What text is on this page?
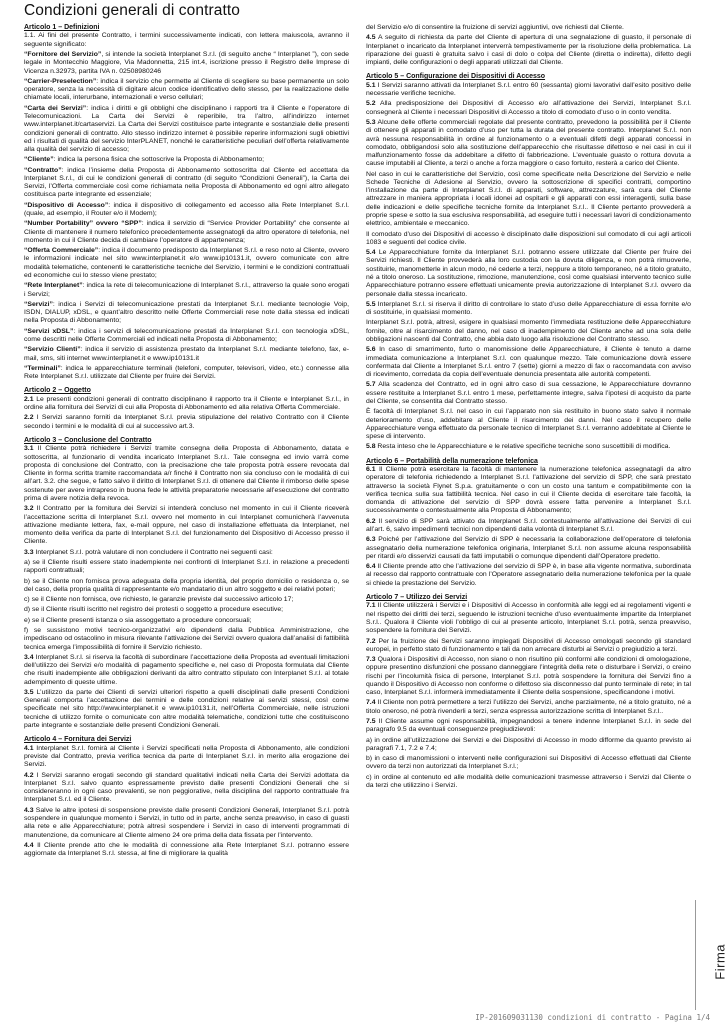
Condizioni generali di contratto
Articolo 1 – Definizioni

1.1. Ai fini del presente Contratto, i termini successivamente indicati, con lettera maiuscola, avranno il seguente significato:

“Fornitore del Servizio”, si intende la società Interplanet S.r.l. (di seguito anche “ Interplanet ”), con sede legale in Montecchio Maggiore, Via Madonnetta, 215 int.4, iscrizione presso il Registro delle Imprese di Vicenza n.32973, partita IVA n. 02508980246

“Carrier-Preselection”: indica il servizio che permette al Cliente di scegliere su base permanente un solo operatore, senza la necessità di digitare alcun codice identificativo dello stesso, per la realizzazione delle chiamate locali, interurbane, internazionali e verso cellulari;

“Carta dei Servizi”: indica i diritti e gli obblighi che disciplinano i rapporti tra il Cliente e l’operatore di Telecomunicazioni. La Carta dei Servizi è reperibile, tra l’altro, all’indirizzo internet www.interplanet.it/cartaservizi. La Carta dei Servizi costituisce parte integrante e sostanziale delle presenti condizioni generali di contratto. Allo stesso indirizzo internet è possibile reperire informazioni sugli obiettivi ed i risultati di qualità del servizio InterPLANET, nonché le caratteristiche peculiari dell’offerta relativamente alla qualità del servizio di accesso;

“Cliente”: indica la persona fisica che sottoscrive la Proposta di Abbonamento;

“Contratto”: indica l’insieme della Proposta di Abbonamento sottoscritta dal Cliente ed accettata da Interplanet S.r.l., di cui le condizioni generali di contratto (di seguito “Condizioni Generali”), la Carta dei Servizi, l’Offerta commerciale così come richiamata nella Proposta di Abbonamento ed ogni altro allegato costituisca parte integrante ed essenziale;

“Dispositivo di Accesso”: indica il dispositivo di collegamento ed accesso alla Rete Interplanet S.r.l. (quale, ad esempio, il Router e/o il Modem);

“Number Portability” ovvero “SPP”: indica il servizio di “Service Provider Portability” che consente al Cliente di mantenere il numero telefonico precedentemente assegnatogli da altro operatore di telefonia, nel momento in cui il Cliente decida di cambiare l’operatore di appartenenza;

“Offerta Commerciale”: indica il documento predisposto da Interplanet S.r.l. e reso noto al Cliente, ovvero le informazioni indicate nel sito www.interplanet.it e/o www.ip10131.it, ovvero comunicate con altre modalità telematiche, contenenti le caratteristiche tecniche del Servizio, i termini e le condizioni contrattuali ed economiche cui lo stesso viene prestato;

“Rete Interplanet”: indica la rete di telecomunicazione di Interplanet S.r.l., attraverso la quale sono erogati i Servizi;

“Servizi”: indica i Servizi di telecomunicazione prestati da Interplanet S.r.l. mediante tecnologie Voip, ISDN, DIALUP, xDSL, e quant’altro descritto nelle Offerte Commerciali rese note dalla stessa ed indicati nella Proposta di Abbonamento;

“Servizi xDSL”: indica i servizi di telecomunicazione prestati da Interplanet S.r.l. con tecnologia xDSL, come descritti nelle Offerte Commerciali ed indicati nella Proposta di Abbonamento;

“Servizio Clienti”: indica il servizio di assistenza prestato da Interplanet S.r.l. mediante telefono, fax, e-mail, sms, siti internet www.interplanet.it e www.ip10131.it

“Terminali”: indica le apparecchiature terminali (telefoni, computer, televisori, video, etc.) connesse alla Rete Interplanet S.r.l. utilizzate dal Cliente per fruire dei Servizi.

Articolo 2 – Oggetto

2.1 Le presenti condizioni generali di contratto disciplinano il rapporto tra il Cliente e Interplanet S.r.l., in ordine alla fornitura dei Servizi di cui alla Proposta di Abbonamento ed alla relativa Offerta Commerciale.

2.2 I Servizi saranno forniti da Interplanet S.r.l. previa stipulazione del relativo Contratto con il Cliente secondo i termini e le modalità di cui al successivo art.3.

Articolo 3 – Conclusione del Contratto

3.1 Il Cliente potrà richiedere i Servizi tramite consegna della Proposta di Abbonamento, datata e sottoscritta, al funzionario di vendita incaricato Interplanet S.r.l.. Tale consegna ed invio varrà come proposta di conclusione del Contratto, con la precisazione che tale proposta potrà essere revocata dal Cliente in forma scritta tramite raccomandata a/r finché il Contratto non sia concluso con le modalità di cui all’art. 3.2. che segue, e fatto salvo il diritto di Interplanet S.r.l. di ottenere dal Cliente il rimborso delle spese sostenute per avere intrapreso in buona fede le attività preparatorie necessarie all’esecuzione del contratto prima di avere notizia della revoca.

3.2 Il Contratto per la fornitura dei Servizi si intenderà concluso nel momento in cui il Cliente riceverà l’accettazione scritta di Interplanet S.r.l. ovvero nel momento in cui Interplanet comunicherà l’avvenuta attivazione mediante lettera, fax, e-mail oppure, nel caso di installazione effettuata da Interplanet, nel momento della verifica da parte di Interplanet S.r.l. del funzionamento del Dispositivo di Accesso presso il Cliente.

3.3 Interplanet S.r.l. potrà valutare di non concludere il Contratto nei seguenti casi:

a) se il Cliente risulti essere stato inadempiente nei confronti di Interplanet S.r.l. in relazione a precedenti rapporti contrattuali;

b) se il Cliente non fornisca prova adeguata della propria identità, del proprio domicilio o residenza o, se del caso, della propria qualità di rappresentante e/o mandatario di un altro soggetto e dei relativi poteri;

c) se il Cliente non fornisca, ove richiesto, le garanzie previste dal successivo articolo 17;

d) se il Cliente risulti iscritto nel registro dei protesti o soggetto a procedure esecutive;

e) se il Cliente presenti istanza o sia assoggettato a procedure concorsuali;

f) se sussistono motivi tecnico-organizzativi e/o dipendenti dalla Pubblica Amministrazione, che impediscano od ostacolino in misura rilevante l’attivazione dei Servizi ovvero qualora dall’analisi di fattibilità tecnica emerga l’impossibilità di fornire il Servizio richiesto.

3.4 Interplanet S.r.l. si riserva la facoltà di subordinare l’accettazione della Proposta ad eventuali limitazioni dell’utilizzo dei Servizi e/o modalità di pagamento specifiche e, nel caso di Proposta formulata dal Cliente che risulti inadempiente alle obbligazioni derivanti da altro contratto stipulato con Interplanet S.r.l. al totale adempimento di queste ultime.

3.5 L’utilizzo da parte dei Clienti di servizi ulteriori rispetto a quelli disciplinati dalle presenti Condizioni Generali comporta l’accettazione dei termini e delle condizioni relative ai servizi stessi, così come specificate nel sito http://www.interplanet.it e www.ip10131.it, nell’Offerta Commerciale, nelle istruzioni tecniche di utilizzo fornite o comunicate con altre modalità telematiche, condizioni tutte che costituiscono parte integrante e sostanziale delle presenti Condizioni Generali.

Articolo 4 – Fornitura dei Servizi

4.1 Interplanet S.r.l. fornirà al Cliente i Servizi specificati nella Proposta di Abbonamento, alle condizioni previste dal Contratto, previa verifica tecnica da parte di Interplanet S.r.l. in merito alla erogazione dei Servizi.

4.2 I Servizi saranno erogati secondo gli standard qualitativi indicati nella Carta dei Servizi adottata da Interplanet S.r.l. salvo quanto espressamente previsto dalle presenti Condizioni Generali che si considereranno in ogni caso prevalenti, se non peggiorative, nella disciplina del rapporto contrattuale fra Interplanet S.r.l. ed il Cliente.

4.3 Salve le altre ipotesi di sospensione previste dalle presenti Condizioni Generali, Interplanet S.r.l. potrà sospendere in qualunque momento i Servizi, in tutto od in parte, anche senza preavviso, in caso di guasti alla rete e alle Apparecchiature; potrà altresì sospendere i Servizi in caso di interventi programmati di manutenzione, da comunicare al Cliente almeno 24 ore prima della data fissata per l’intervento.

4.4 Il Cliente prende atto che le modalità di connessione alla Rete Interplanet S.r.l. potranno essere aggiornate da Interplanet S.r.l. stessa, al fine di migliorare la qualità

del Servizio e/o di consentire la fruizione di servizi aggiuntivi, ove richiesti dal Cliente.

4.5 A seguito di richiesta da parte del Cliente di apertura di una segnalazione di guasto, il personale di Interplanet o incaricato da Interplanet interverrà tempestivamente per la risoluzione della problematica. La riparazione dei guasti è gratuita salvo i casi di dolo o colpa del Cliente (diretta o indiretta), difetto degli impianti, delle configurazioni o degli apparati utilizzati dal Cliente.

Articolo 5 – Configurazione dei Dispositivi di Accesso

5.1 I Servizi saranno attivati da Interplanet S.r.l. entro 60 (sessanta) giorni lavorativi dall’esito positivo delle necessarie verifiche tecniche.

5.2 Alla predisposizione dei Dispositivi di Accesso e/o all’attivazione dei Servizi, Interplanet S.r.l. consegnerà al Cliente i necessari Dispositivi di Accesso a titolo di comodato d’uso o in conto vendita.

5.3 Alcune delle offerte commerciali regolate dal presente contratto, prevedono la possibilità per il Cliente di ottenere gli apparati in comodato d’uso per tutta la durata del presente contratto. Interplanet S.r.l. non avrà nessuna responsabilità in ordine al funzionamento o a eventuali difetti degli apparati concessi in comodato, obbligandosi solo alla sostituzione dell’apparecchio che risultasse difettoso e nei casi in cui il malfunzionamento fosse da addebitare a difetto di fabbricazione. L’eventuale guasto o rottura dovuta a cause imputabili al Cliente, a terzi o anche a forza maggiore o caso fortuito, resterà a carico del Cliente.

Nel caso in cui le caratteristiche del Servizio, così come specificate nella Descrizione del Servizio e nelle Schede Tecniche di Adesione al Servizio, ovvero la sottoscrizione di specifici contratti, comportino l’installazione da parte di Interplanet S.r.l. di apparati, software, attrezzature, sarà cura del Cliente attrezzare in maniera appropriata i locali idonei ad ospitarli e gli apparati con essi interagenti, sulla base delle indicazioni e delle specifiche tecniche fornite da Interplanet S.r.l.. Il Cliente pertanto provvederà a proprie spese e sotto la sua esclusiva responsabilità, ad eseguire tutti i necessari lavori di condizionamento elettrico, ambientale e meccanico.

Il comodato d’uso dei Dispositivi di accesso è disciplinato dalle disposizioni sul comodato di cui agli articoli 1083 e seguenti del codice civile.

5.4 Le Apparecchiature fornite da Interplanet S.r.l. potranno essere utilizzate dal Cliente per fruire dei Servizi richiesti. Il Cliente provvederà alla loro custodia con la dovuta diligenza, e non potrà rimuoverle, sostituirle, manometterle in alcun modo, né cederle a terzi, neppure a titolo temporaneo, né a titolo gratuito, né a titolo oneroso. La sostituzione, rimozione, manutenzione, così come qualsiasi intervento tecnico sulle Apparecchiature potranno essere effettuati unicamente previa autorizzazione di Interplanet S.r.l. ovvero da personale dalla stessa incaricato.

5.5 Interplanet S.r.l. si riserva il diritto di controllare lo stato d’uso delle Apparecchiature di essa fornite e/o di sostituirle, in qualsiasi momento.

Interplanet S.r.l. potrà, altresì, esigere in qualsiasi momento l’immediata restituzione delle Apparecchiature fornite, oltre al risarcimento del danno, nel caso di inadempimento del Cliente anche ad una sola delle obbligazioni nascenti dal Contratto, che abbia dato luogo alla risoluzione del Contratto stesso.

5.6 In caso di smarrimento, furto o manomissione delle Apparecchiature, il Cliente è tenuto a darne immediata comunicazione a Interplanet S.r.l. con qualunque mezzo. Tale comunicazione dovrà essere confermata dal Cliente a Interplanet S.r.l. entro 7 (sette) giorni a mezzo di fax o raccomandata con avviso di ricevimento, corredata da copia dell’eventuale denuncia presentata alle autorità competenti.

5.7 Alla scadenza del Contratto, ed in ogni altro caso di sua cessazione, le Apparecchiature dovranno essere restituite a Interplanet S.r.l. entro 1 mese, perfettamente integre, salva l’ipotesi di acquisto da parte del Cliente, se consentita dal Contratto stesso.

È facoltà di Interplanet S.r.l. nel caso in cui l’apparato non sia restituito in buono stato salvo il normale deterioramento d’uso, addebitare al Cliente il risarcimento dei danni. Nel caso il recupero delle Apparecchiature venga effettuato da personale tecnico di Interplanet S.r.l. verranno addebitate al Cliente le spese di intervento.

5.8 Resta inteso che le Apparecchiature e le relative specifiche tecniche sono suscettibili di modifica.

Articolo 6 – Portabilità della numerazione telefonica

6.1 Il Cliente potrà esercitare la facoltà di mantenere la numerazione telefonica assegnatagli da altro operatore di telefonia richiedendo a Interplanet S.r.l. l’attivazione del servizio di SPP, che sarà prestato attraverso la società Flynet S.p.a. gratuitamente o con un costo una tantum e compatibilmente con la verifica tecnica sulla sua fattibilità tecnica. Nel caso in cui il Cliente decida di esercitare tale facoltà, la domanda di attivazione del servizio di SPP dovrà essere fatta pervenire a Interplanet S.r.l. successivamente o contestualmente alla Proposta di Abbonamento;

6.2 Il servizio di SPP sarà attivato da Interplanet S.r.l. contestualmente all’attivazione dei Servizi di cui all’art. 6, salvo impedimenti tecnici non dipendenti dalla volontà di Interplanet S.r.l.

6.3 Poiché per l’attivazione del Servizio di SPP è necessaria la collaborazione dell’operatore di telefonia assegnatario della numerazione telefonica originaria, Interplanet S.r.l. non assume alcuna responsabilità per ritardi e/o disservizi causati da fatti imputabili o comunque dipendenti dall’Operatore predetto.

6.4 Il Cliente prende atto che l’attivazione del servizio di SPP è, in base alla vigente normativa, subordinata al recesso dal rapporto contrattuale con l’Operatore assegnatario della numerazione telefonica per la quale si chiede la prestazione del Servizio.

Articolo 7 – Utilizzo dei Servizi

7.1 Il Cliente utilizzerà i Servizi e i Dispositivi di Accesso in conformità alle leggi ed ai regolamenti vigenti e nel rispetto dei diritti dei terzi, seguendo le istruzioni tecniche d’uso eventualmente impartite da Interplanet S.r.l.. Qualora il Cliente violi l’obbligo di cui al presente articolo, Interplanet S.r.l. potrà, senza preavviso, sospendere la fornitura dei Servizi.

7.2 Per la fruizione dei Servizi saranno impiegati Dispositivi di Accesso omologati secondo gli standard europei, in perfetto stato di funzionamento e tali da non arrecare disturbi ai Servizi o pregiudizio a terzi.

7.3 Qualora i Dispositivi di Accesso, non siano o non risultino più conformi alle condizioni di omologazione, oppure presentino disfunzioni che possano danneggiare l’integrità della rete o disturbare i Servizi, o creino rischi per l’incolumità fisica di persone, Interplanet S.r.l. potrà sospendere la fornitura dei Servizi fino a quando il Dispositivo di Accesso non conforme o difettoso sia disconnesso dal punto terminale di rete; in tal caso, Interplanet S.r.l. informerà immediatamente il Cliente della sospensione, specificandone i motivi.

7.4 Il Cliente non potrà permettere a terzi l’utilizzo dei Servizi, anche parzialmente, né a titolo gratuito, né a titolo oneroso, né potrà rivenderli a terzi, senza espressa autorizzazione scritta di Interplanet S.r.l..

7.5 Il Cliente assume ogni responsabilità, impegnandosi a tenere indenne Interplanet S.r.l. in sede del paragrafo 9.5 da eventuali conseguenze pregiudizievoli:

a) in ordine all’utilizzazione dei Servizi e dei Dispositivi di Accesso in modo difforme da quanto previsto ai paragrafi 7.1, 7.2 e 7.4;

b) in caso di manomissioni o interventi nelle configurazioni sui Dispositivi di Accesso effettuati dal Cliente ovvero da terzi non autorizzati da Interplanet S.r.l.;

c) in ordine al contenuto ed alle modalità delle comunicazioni trasmesse attraverso i Servizi dal Cliente o da terzi che utilizzino i Servizi.

Firma
IP-201609031130 condizioni di contratto - Pagina 1/4
